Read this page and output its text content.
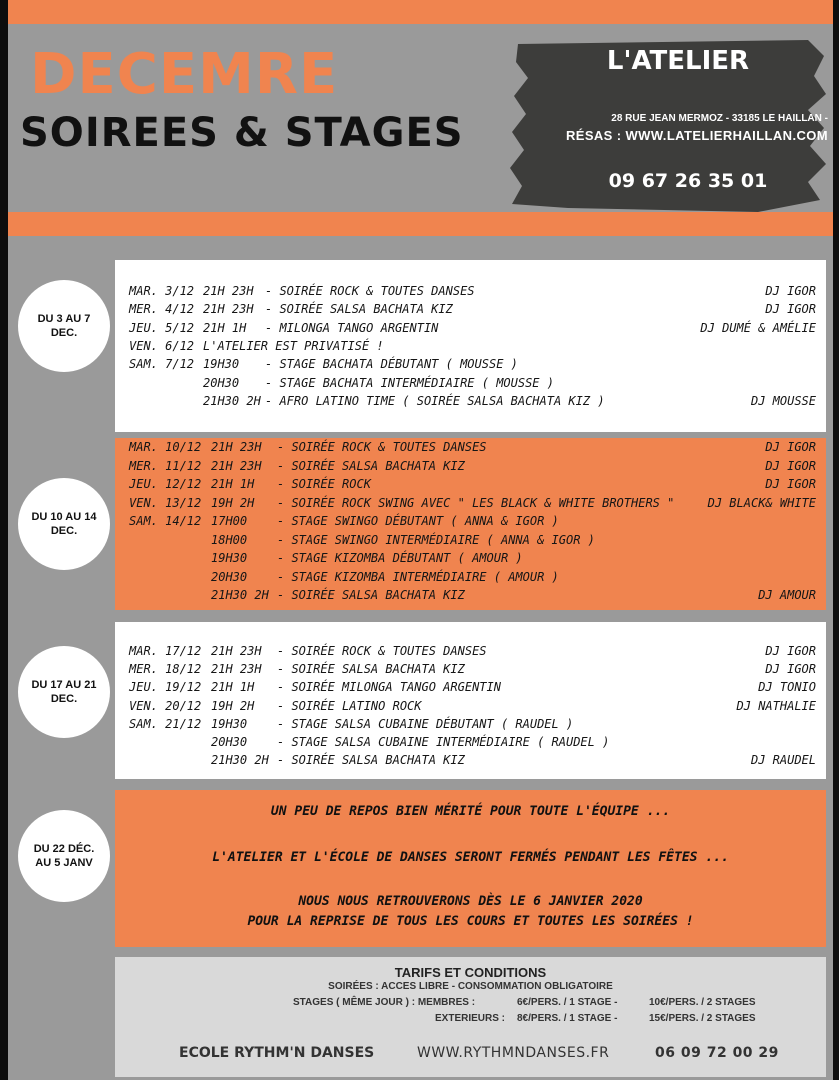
DECEMRE
SOIREES & STAGES
L'ATELIER
28 RUE JEAN MERMOZ - 33185 LE HAILLAN -
RÉSAS : WWW.LATELIERHAILLAN.COM
09 67 26 35 01
DU 3 AU 7
DEC.
DU 10 AU 14
DEC.
DU 17 AU 21
DEC.
DU 22 DÉC.
AU 5 JANV
MAR. 3/12 21H 23H - SOIRÉE ROCK & TOUTES DANSES	DJ IGOR
MER. 4/12 21H 23H - SOIRÉE SALSA BACHATA KIZ	DJ IGOR
JEU. 5/12 21H 1H - MILONGA TANGO ARGENTIN	DJ DUMÉ & AMÉLIE
VEN. 6/12 L'ATELIER EST PRIVATISÉ !
SAM. 7/12 19H30 - STAGE BACHATA DÉBUTANT ( MOUSSE )
20H30 - STAGE BACHATA INTERMÉDIAIRE ( MOUSSE )
21H30 2H - AFRO LATINO TIME ( SOIRÉE SALSA BACHATA KIZ )	DJ MOUSSE
MAR. 10/12 21H 23H - SOIRÉE ROCK & TOUTES DANSES	DJ IGOR
MER. 11/12 21H 23H - SOIRÉE SALSA BACHATA KIZ	DJ IGOR
JEU. 12/12 21H 1H - SOIRÉE ROCK	DJ IGOR
VEN. 13/12 19H 2H - SOIRÉE ROCK SWING AVEC " LES BLACK & WHITE BROTHERS "	DJ BLACK& WHITE
SAM. 14/12 17H00 - STAGE SWINGO DÉBUTANT ( ANNA & IGOR )
18H00 - STAGE SWINGO INTERMÉDIAIRE ( ANNA & IGOR )
19H30 - STAGE KIZOMBA DÉBUTANT ( AMOUR )
20H30 - STAGE KIZOMBA INTERMÉDIAIRE ( AMOUR )
21H30 2H - SOIRÉE SALSA BACHATA KIZ	DJ AMOUR
MAR. 17/12 21H 23H - SOIRÉE ROCK & TOUTES DANSES	DJ IGOR
MER. 18/12 21H 23H - SOIRÉE SALSA BACHATA KIZ	DJ IGOR
JEU. 19/12 21H 1H - SOIRÉE MILONGA TANGO ARGENTIN	DJ TONIO
VEN. 20/12 19H 2H - SOIRÉE LATINO ROCK	DJ NATHALIE
SAM. 21/12 19H30 - STAGE SALSA CUBAINE DÉBUTANT ( RAUDEL )
20H30 - STAGE SALSA CUBAINE INTERMÉDIAIRE ( RAUDEL )
21H30 2H - SOIRÉE SALSA BACHATA KIZ	DJ RAUDEL
UN PEU DE REPOS BIEN MÉRITÉ POUR TOUTE L'ÉQUIPE ...
L'ATELIER ET L'ÉCOLE DE DANSES SERONT FERMÉS PENDANT LES FÊTES ...
NOUS NOUS RETROUVERONS DÈS LE 6 JANVIER 2020
POUR LA REPRISE DE TOUS LES COURS ET TOUTES LES SOIRÉES !
TARIFS ET CONDITIONS
SOIRÉES : ACCES LIBRE - CONSOMMATION OBLIGATOIRE
STAGES ( MÊME JOUR ) : MEMBRES :	6€/PERS. / 1 STAGE -	10€/PERS. / 2 STAGES
EXTERIEURS : 8€/PERS. / 1 STAGE -	15€/PERS. / 2 STAGES
ECOLE RYTHM'N DANSES	WWW.RYTHMNDANSES.FR	06 09 72 00 29
